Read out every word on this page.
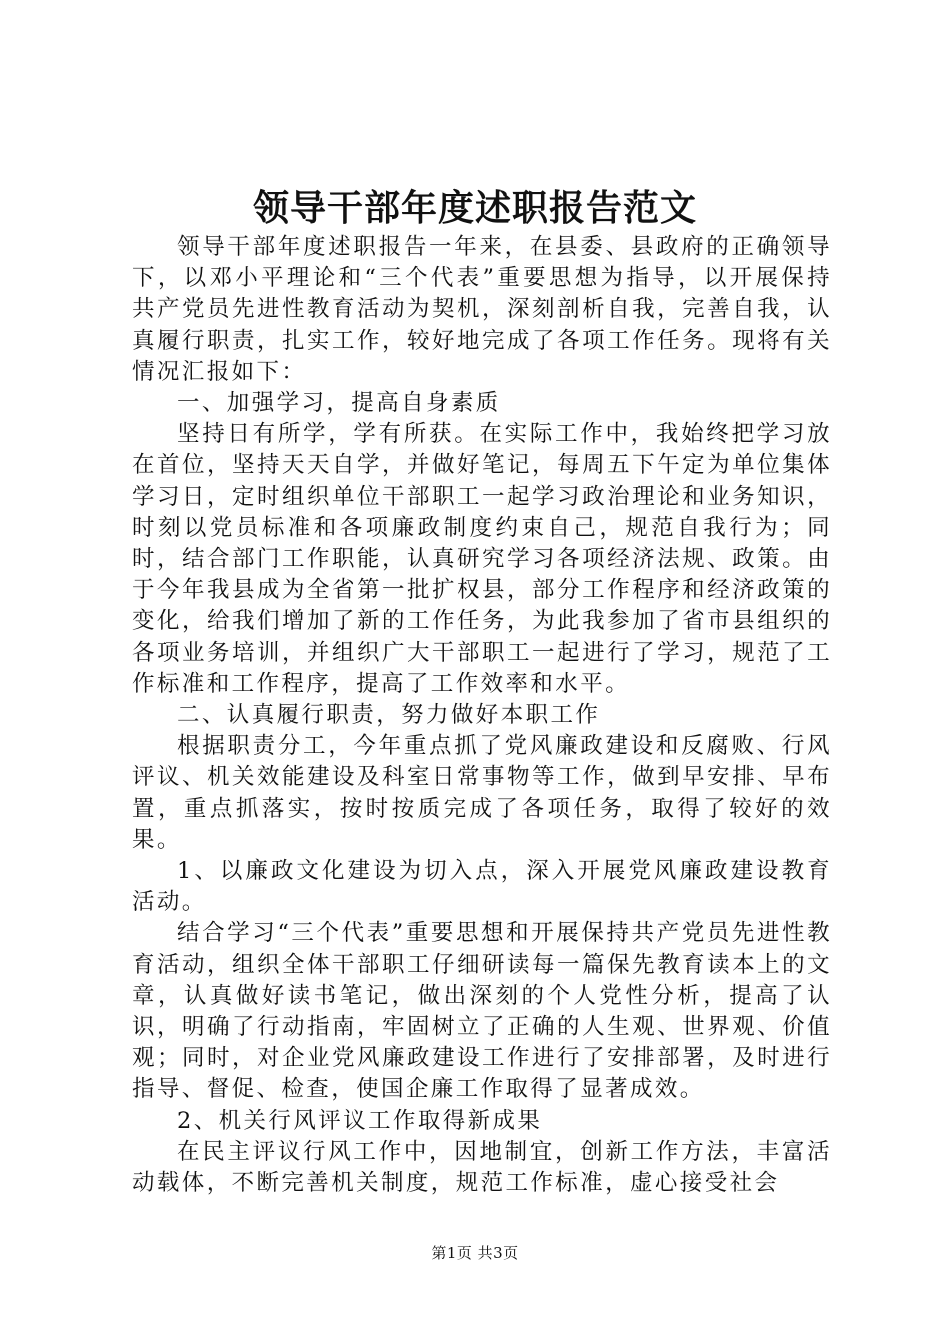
领导干部年度述职报告范文

领导干部年度述职报告一年来，在县委、县政府的正确领导下，以邓小平理论和“三个代表”重要思想为指导，以开展保持共产党员先进性教育活动为契机，深刻剖析自我，完善自我，认真履行职责，扎实工作，较好地完成了各项工作任务。现将有关情况汇报如下：

一、加强学习，提高自身素质

坚持日有所学，学有所获。在实际工作中，我始终把学习放在首位，坚持天天自学，并做好笔记，每周五下午定为单位集体学习日，定时组织单位干部职工一起学习政治理论和业务知识，时刻以党员标准和各项廉政制度约束自己，规范自我行为；同时，结合部门工作职能，认真研究学习各项经济法规、政策。由于今年我县成为全省第一批扩权县，部分工作程序和经济政策的变化，给我们增加了新的工作任务，为此我参加了省市县组织的各项业务培训，并组织广大干部职工一起进行了学习，规范了工作标准和工作程序，提高了工作效率和水平。

二、认真履行职责，努力做好本职工作

根据职责分工，今年重点抓了党风廉政建设和反腐败、行风评议、机关效能建设及科室日常事物等工作，做到早安排、早布置，重点抓落实，按时按质完成了各项任务，取得了较好的效果。

1、以廉政文化建设为切入点，深入开展党风廉政建设教育活动。

结合学习“三个代表”重要思想和开展保持共产党员先进性教育活动，组织全体干部职工仔细研读每一篇保先教育读本上的文章，认真做好读书笔记，做出深刻的个人党性分析，提高了认识，明确了行动指南，牢固树立了正确的人生观、世界观、价值观；同时，对企业党风廉政建设工作进行了安排部署，及时进行指导、督促、检查，使国企廉工作取得了显著成效。

2、机关行风评议工作取得新成果

在民主评议行风工作中，因地制宜，创新工作方法，丰富活动载体，不断完善机关制度，规范工作标准，虚心接受社会

第1页 共3页
